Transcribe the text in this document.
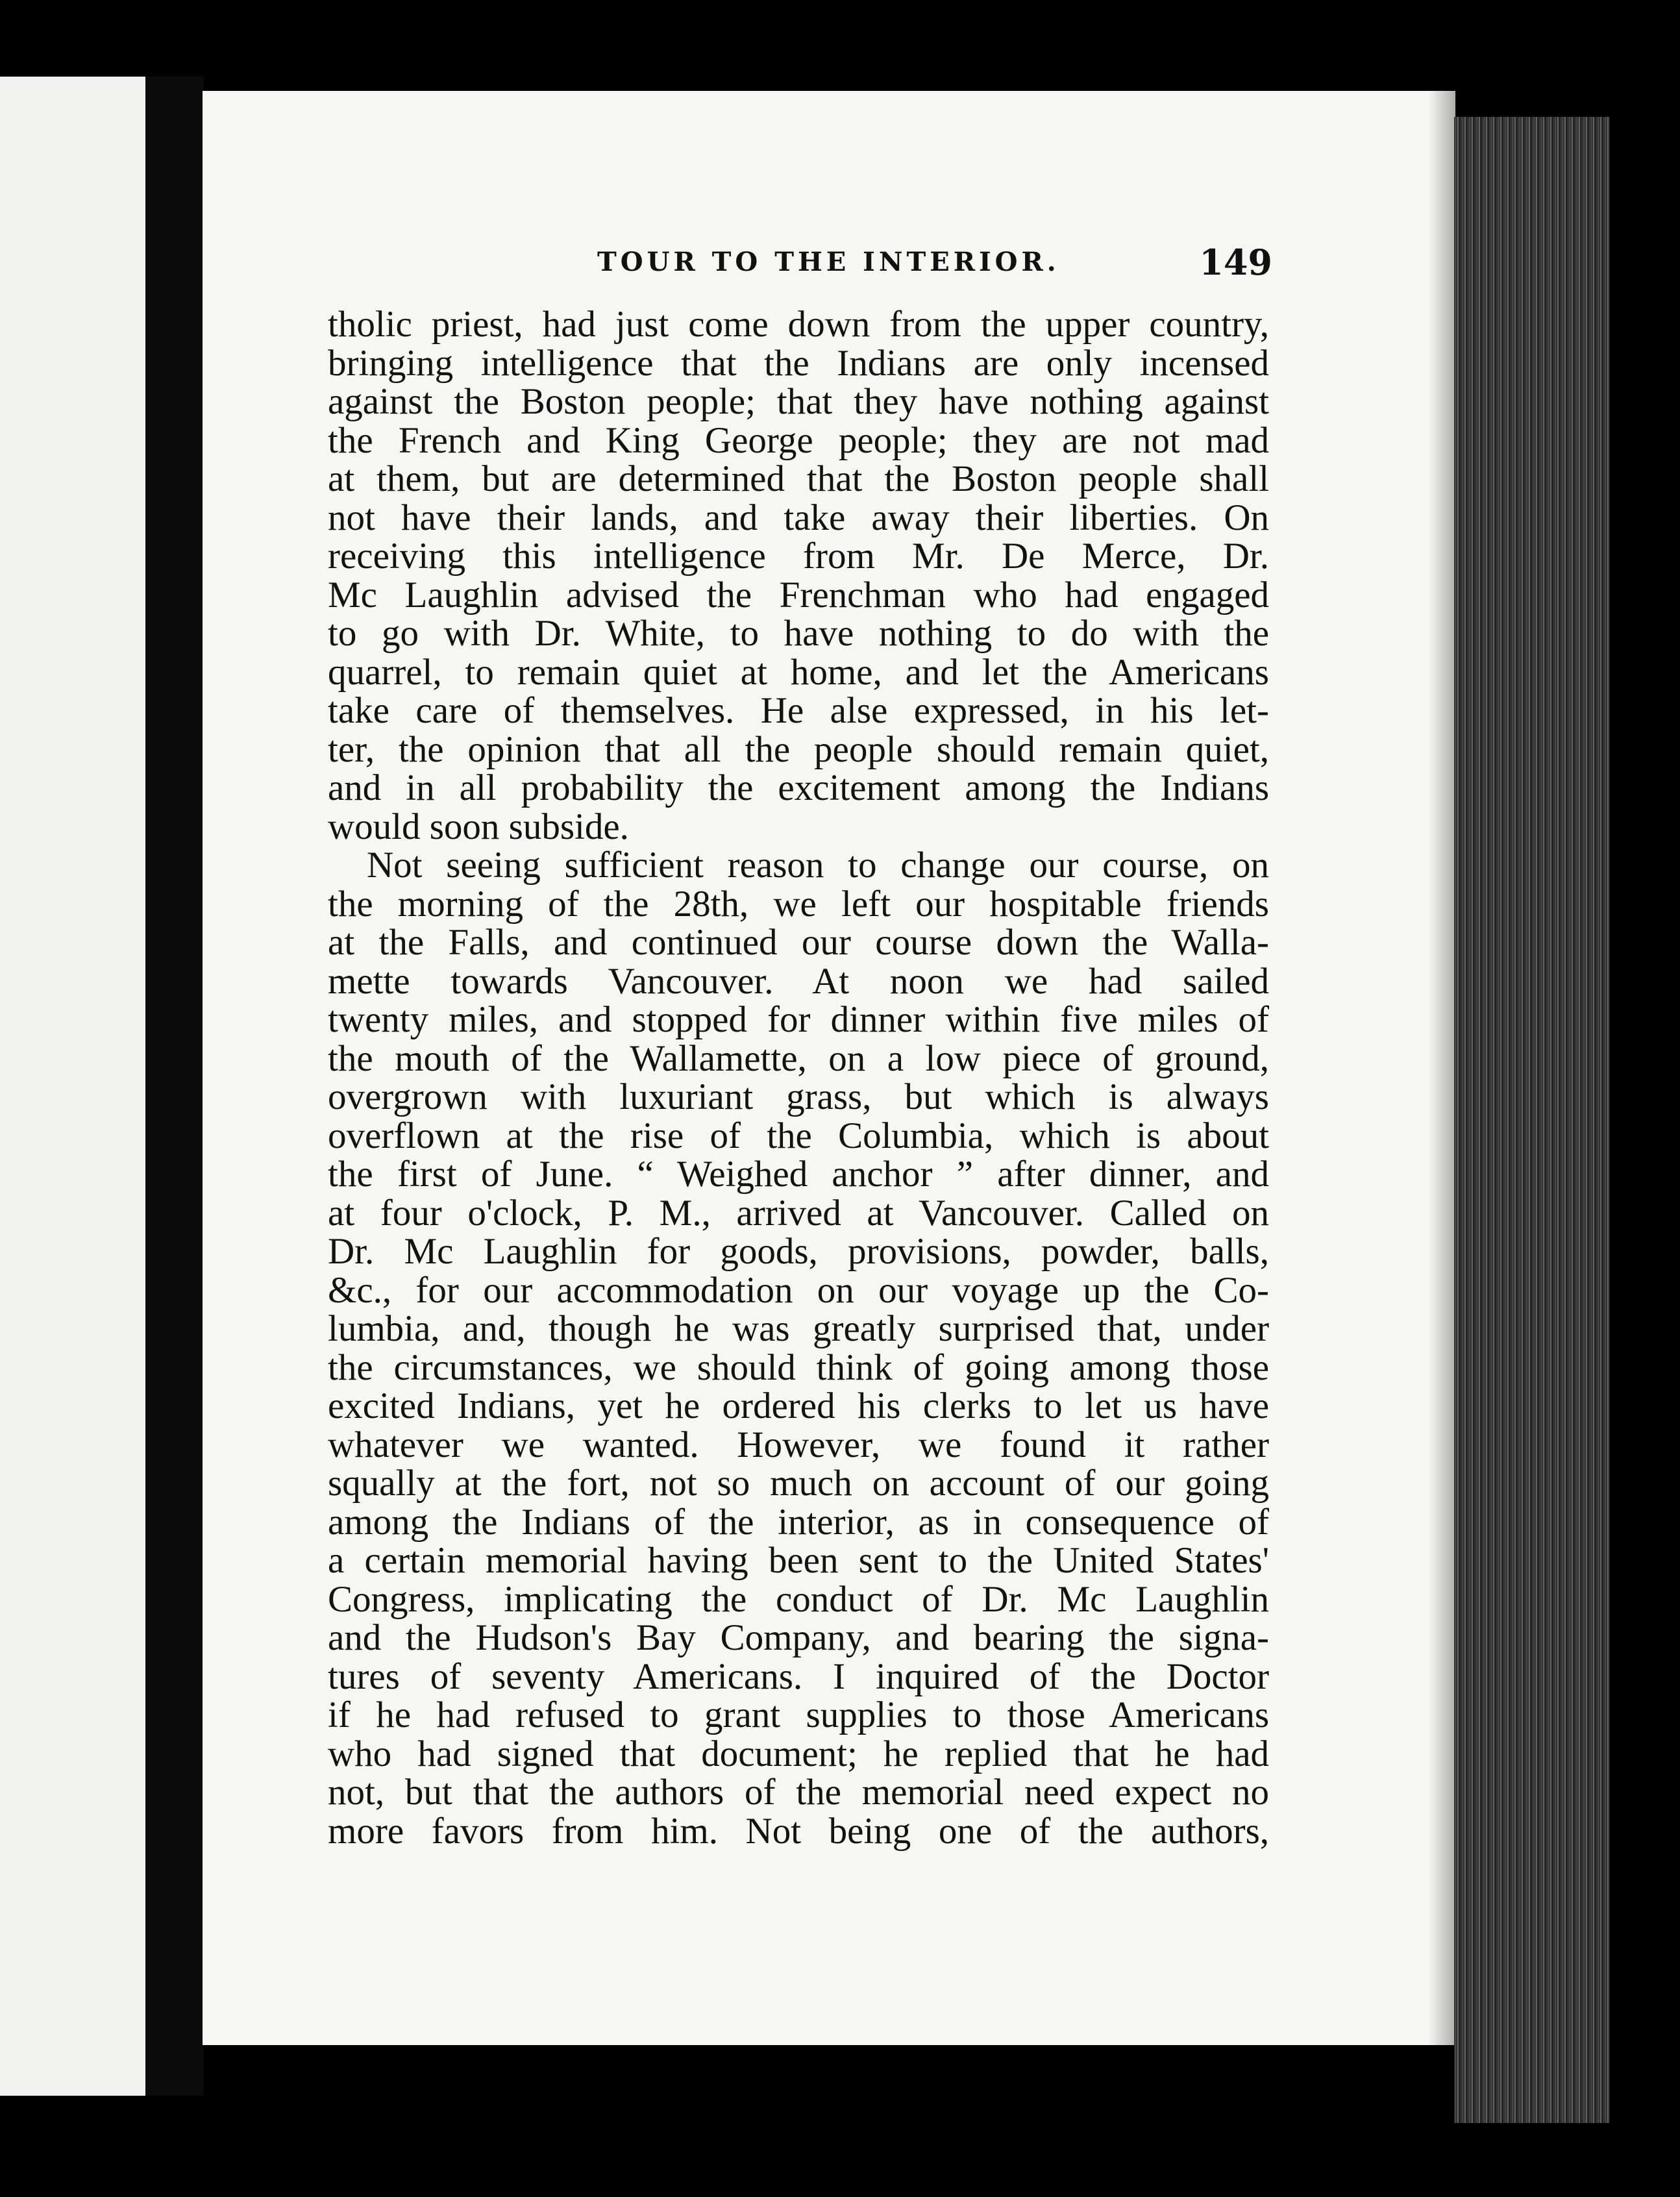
TOUR TO THE INTERIOR.	149
tholic priest, had just come down from the upper country,
bringing intelligence that the Indians are only incensed
against the Boston people; that they have nothing against
the French and King George people; they are not mad
at them, but are determined that the Boston people shall
not have their lands, and take away their liberties. On
receiving this intelligence from Mr. De Merce, Dr.
Mc Laughlin advised the Frenchman who had engaged
to go with Dr. White, to have nothing to do with the
quarrel, to remain quiet at home, and let the Americans
take care of themselves. He alse expressed, in his let-
ter, the opinion that all the people should remain quiet,
and in all probability the excitement among the Indians
would soon subside.
Not seeing sufficient reason to change our course, on
the morning of the 28th, we left our hospitable friends
at the Falls, and continued our course down the Walla-
mette towards Vancouver. At noon we had sailed
twenty miles, and stopped for dinner within five miles of
the mouth of the Wallamette, on a low piece of ground,
overgrown with luxuriant grass, but which is always
overflown at the rise of the Columbia, which is about
the first of June. “ Weighed anchor ” after dinner, and
at four o'clock, P. M., arrived at Vancouver. Called on
Dr. Mc Laughlin for goods, provisions, powder, balls,
&c., for our accommodation on our voyage up the Co-
lumbia, and, though he was greatly surprised that, under
the circumstances, we should think of going among those
excited Indians, yet he ordered his clerks to let us have
whatever we wanted. However, we found it rather
squally at the fort, not so much on account of our going
among the Indians of the interior, as in consequence of
a certain memorial having been sent to the United States'
Congress, implicating the conduct of Dr. Mc Laughlin
and the Hudson's Bay Company, and bearing the signa-
tures of seventy Americans. I inquired of the Doctor
if he had refused to grant supplies to those Americans
who had signed that document; he replied that he had
not, but that the authors of the memorial need expect no
more favors from him. Not being one of the authors,
